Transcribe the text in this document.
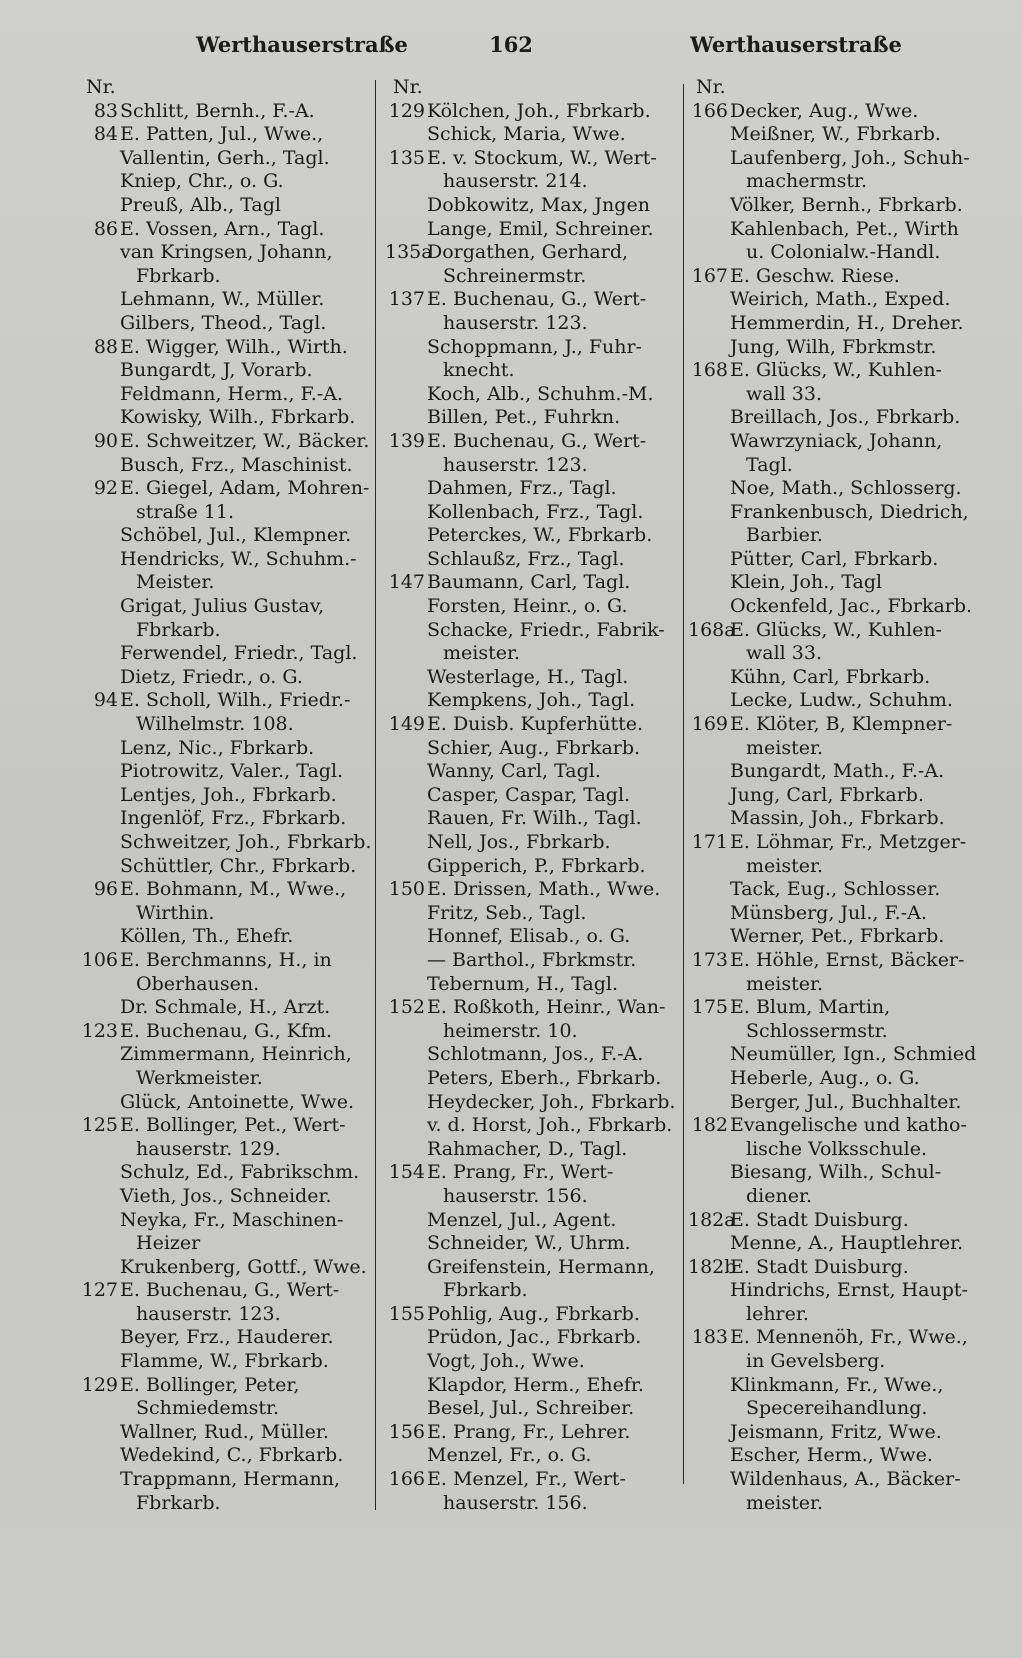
Werthauserstraße	162	Werthauserstraße
Nr.
83 Schlitt, Bernh., F.-A.
84 E. Patten, Jul., Wwe.,
Vallentin, Gerh., Tagl.
Kniep, Chr., o. G.
Preuß, Alb., Tagl
86 E. Vossen, Arn., Tagl.
van Kringsen, Johann,
Fbrkarb.
Lehmann, W., Müller.
Gilbers, Theod., Tagl.
88 E. Wigger, Wilh., Wirth.
Bungardt, J, Vorarb.
Feldmann, Herm., F.-A.
Kowisky, Wilh., Fbrkarb.
90 E. Schweitzer, W., Bäcker.
Busch, Frz., Maschinist.
92 E. Giegel, Adam, Mohren-
straße 11.
Schöbel, Jul., Klempner.
Hendricks, W., Schuhm.-
Meister.
Grigat, Julius Gustav,
Fbrkarb.
Ferwendel, Friedr., Tagl.
Dietz, Friedr., o. G.
94 E. Scholl, Wilh., Friedr.-
Wilhelmstr. 108.
Lenz, Nic., Fbrkarb.
Piotrowitz, Valer., Tagl.
Lentjes, Joh., Fbrkarb.
Ingenlöf, Frz., Fbrkarb.
Schweitzer, Joh., Fbrkarb.
Schüttler, Chr., Fbrkarb.
96 E. Bohmann, M., Wwe.,
Wirthin.
Köllen, Th., Ehefr.
106 E. Berchmanns, H., in
Oberhausen.
Dr. Schmale, H., Arzt.
123 E. Buchenau, G., Kfm.
Zimmermann, Heinrich,
Werkmeister.
Glück, Antoinette, Wwe.
125 E. Bollinger, Pet., Wert-
hauserstr. 129.
Schulz, Ed., Fabrikschm.
Vieth, Jos., Schneider.
Neyka, Fr., Maschinen-
Heizer
Krukenberg, Gottf., Wwe.
127 E. Buchenau, G., Wert-
hauserstr. 123.
Beyer, Frz., Hauderer.
Flamme, W., Fbrkarb.
129 E. Bollinger, Peter,
Schmiedemstr.
Wallner, Rud., Müller.
Wedekind, C., Fbrkarb.
Trappmann, Hermann,
Fbrkarb.
Nr.
129 Kölchen, Joh., Fbrkarb.
Schick, Maria, Wwe.
135 E. v. Stockum, W., Wert-
hauserstr. 214.
Dobkowitz, Max, Jngen
Lange, Emil, Schreiner.
135a
Dorgathen, Gerhard,
Schreinermstr.
137 E. Buchenau, G., Wert-
hauserstr. 123.
Schoppmann, J., Fuhr-
knecht.
Koch, Alb., Schuhm.-M.
Billen, Pet., Fuhrkn.
139 E. Buchenau, G., Wert-
hauserstr. 123.
Dahmen, Frz., Tagl.
Kollenbach, Frz., Tagl.
Peterckes, W., Fbrkarb.
Schlaußz, Frz., Tagl.
147 Baumann, Carl, Tagl.
Forsten, Heinr., o. G.
Schacke, Friedr., Fabrik-
meister.
Westerlage, H., Tagl.
Kempkens, Joh., Tagl.
149 E. Duisb. Kupferhütte.
Schier, Aug., Fbrkarb.
Wanny, Carl, Tagl.
Casper, Caspar, Tagl.
Rauen, Fr. Wilh., Tagl.
Nell, Jos., Fbrkarb.
Gipperich, P., Fbrkarb.
150 E. Drissen, Math., Wwe.
Fritz, Seb., Tagl.
Honnef, Elisab., o. G.
— Barthol., Fbrkmstr.
Tebernum, H., Tagl.
152 E. Roßkoth, Heinr., Wan-
heimerstr. 10.
Schlotmann, Jos., F.-A.
Peters, Eberh., Fbrkarb.
Heydecker, Joh., Fbrkarb.
v. d. Horst, Joh., Fbrkarb.
Rahmacher, D., Tagl.
154 E. Prang, Fr., Wert-
hauserstr. 156.
Menzel, Jul., Agent.
Schneider, W., Uhrm.
Greifenstein, Hermann,
Fbrkarb.
155 Pohlig, Aug., Fbrkarb.
Prüdon, Jac., Fbrkarb.
Vogt, Joh., Wwe.
Klapdor, Herm., Ehefr.
Besel, Jul., Schreiber.
156 E. Prang, Fr., Lehrer.
Menzel, Fr., o. G.
166 E. Menzel, Fr., Wert-
hauserstr. 156.
Nr.
166 Decker, Aug., Wwe.
Meißner, W., Fbrkarb.
Laufenberg, Joh., Schuh-
machermstr.
Völker, Bernh., Fbrkarb.
Kahlenbach, Pet., Wirth
u. Colonialw.-Handl.
167 E. Geschw. Riese.
Weirich, Math., Exped.
Hemmerdin, H., Dreher.
Jung, Wilh, Fbrkmstr.
168 E. Glücks, W., Kuhlen-
wall 33.
Breillach, Jos., Fbrkarb.
Wawrzyniack, Johann,
Tagl.
Noe, Math., Schlosserg.
Frankenbusch, Diedrich,
Barbier.
Pütter, Carl, Fbrkarb.
Klein, Joh., Tagl
Ockenfeld, Jac., Fbrkarb.
168a
E. Glücks, W., Kuhlen-
wall 33.
Kühn, Carl, Fbrkarb.
Lecke, Ludw., Schuhm.
169 E. Klöter, B, Klempner-
meister.
Bungardt, Math., F.-A.
Jung, Carl, Fbrkarb.
Massin, Joh., Fbrkarb.
171 E. Löhmar, Fr., Metzger-
meister.
Tack, Eug., Schlosser.
Münsberg, Jul., F.-A.
Werner, Pet., Fbrkarb.
173 E. Höhle, Ernst, Bäcker-
meister.
175 E. Blum, Martin,
Schlossermstr.
Neumüller, Ign., Schmied
Heberle, Aug., o. G.
Berger, Jul., Buchhalter.
182 Evangelische und katho-
lische Volksschule.
Biesang, Wilh., Schul-
diener.
182a
E. Stadt Duisburg.
Menne, A., Hauptlehrer.
182b
E. Stadt Duisburg.
Hindrichs, Ernst, Haupt-
lehrer.
183 E. Mennenöh, Fr., Wwe.,
in Gevelsberg.
Klinkmann, Fr., Wwe.,
Specereihandlung.
Jeismann, Fritz, Wwe.
Escher, Herm., Wwe.
Wildenhaus, A., Bäcker-
meister.
